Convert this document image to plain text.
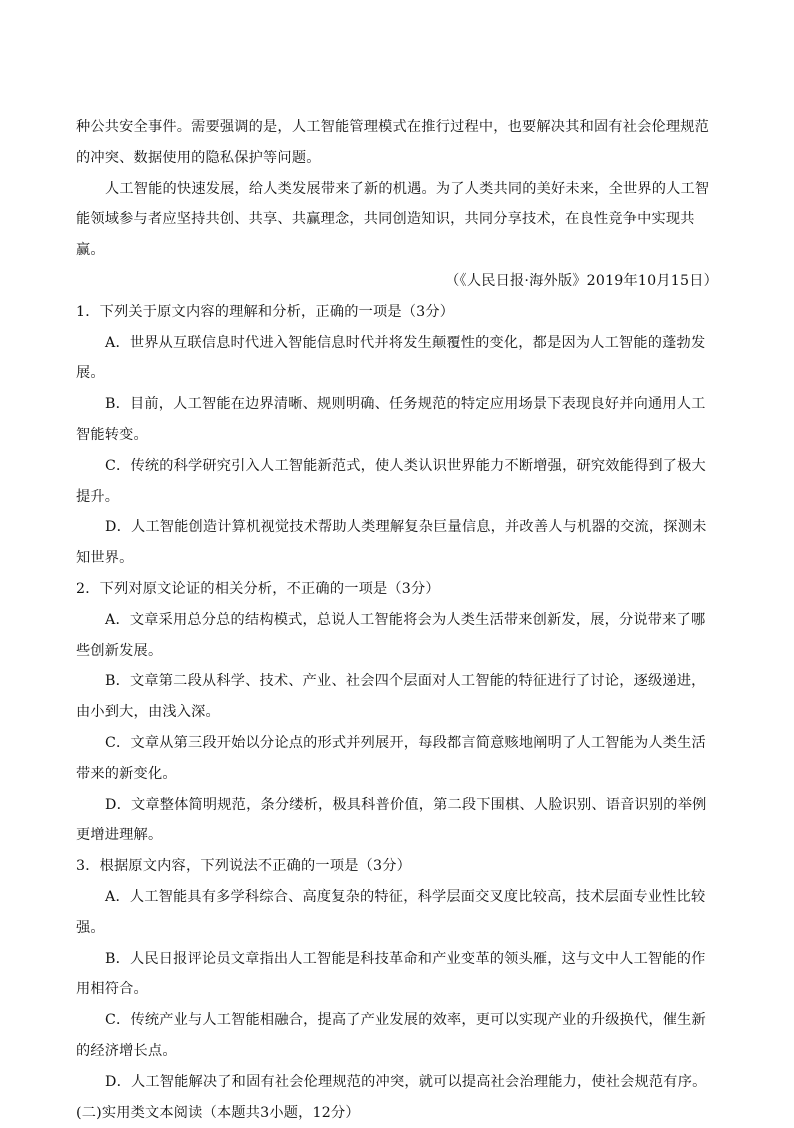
种公共安全事件。需要强调的是，人工智能管理模式在推行过程中，也要解决其和固有社会伦理规范的冲突、数据使用的隐私保护等问题。

人工智能的快速发展，给人类发展带来了新的机遇。为了人类共同的美好未来，全世界的人工智能领域参与者应坚持共创、共享、共赢理念，共同创造知识，共同分享技术，在良性竞争中实现共赢。

（《人民日报·海外版》2019年10月15日）

1．下列关于原文内容的理解和分析，正确的一项是（3分）

A．世界从互联信息时代进入智能信息时代并将发生颠覆性的变化，都是因为人工智能的蓬勃发展。

B．目前，人工智能在边界清晰、规则明确、任务规范的特定应用场景下表现良好并向通用人工智能转变。

C．传统的科学研究引入人工智能新范式，使人类认识世界能力不断增强，研究效能得到了极大提升。

D．人工智能创造计算机视觉技术帮助人类理解复杂巨量信息，并改善人与机器的交流，探测未知世界。

2．下列对原文论证的相关分析，不正确的一项是（3分）

A．文章采用总分总的结构模式，总说人工智能将会为人类生活带来创新发，展，分说带来了哪些创新发展。

B．文章第二段从科学、技术、产业、社会四个层面对人工智能的特征进行了讨论，逐级递进，由小到大，由浅入深。

C．文章从第三段开始以分论点的形式并列展开，每段都言简意赅地阐明了人工智能为人类生活带来的新变化。

D．文章整体简明规范，条分缕析，极具科普价值，第二段下围棋、人脸识别、语音识别的举例更增进理解。

3．根据原文内容，下列说法不正确的一项是（3分）

A．人工智能具有多学科综合、高度复杂的特征，科学层面交叉度比较高，技术层面专业性比较强。

B．人民日报评论员文章指出人工智能是科技革命和产业变革的领头雁，这与文中人工智能的作用相符合。

C．传统产业与人工智能相融合，提高了产业发展的效率，更可以实现产业的升级换代，催生新的经济增长点。

D．人工智能解决了和固有社会伦理规范的冲突，就可以提高社会治理能力，使社会规范有序。

(二)实用类文本阅读（本题共3小题，12分）
